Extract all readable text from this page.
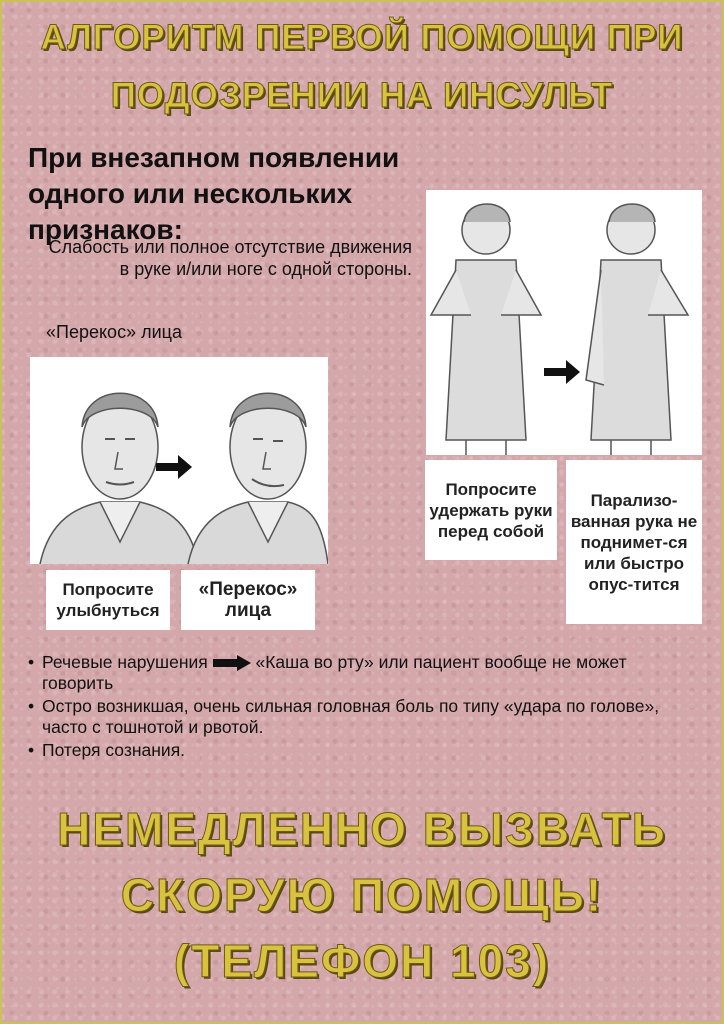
АЛГОРИТМ ПЕРВОЙ ПОМОЩИ ПРИ
ПОДОЗРЕНИИ НА ИНСУЛЬТ
При внезапном появлении одного или нескольких признаков:
Слабость или полное отсутствие движения в руке и/или ноге с одной стороны.
«Перекос» лица
Попросите улыбнуться
«Перекос» лица
Попросите удержать руки перед собой
Парализо-ванная рука не поднимет-ся или быстро опус-тится
• Речевые нарушения	«Каша во рту» или пациент вообще не может говорить
• Остро возникшая, очень сильная головная боль по типу «удара по голове», часто с тошнотой и рвотой.
• Потеря сознания.
НЕМЕДЛЕННО ВЫЗВАТЬ
СКОРУЮ ПОМОЩЬ!
(ТЕЛЕФОН 103)
